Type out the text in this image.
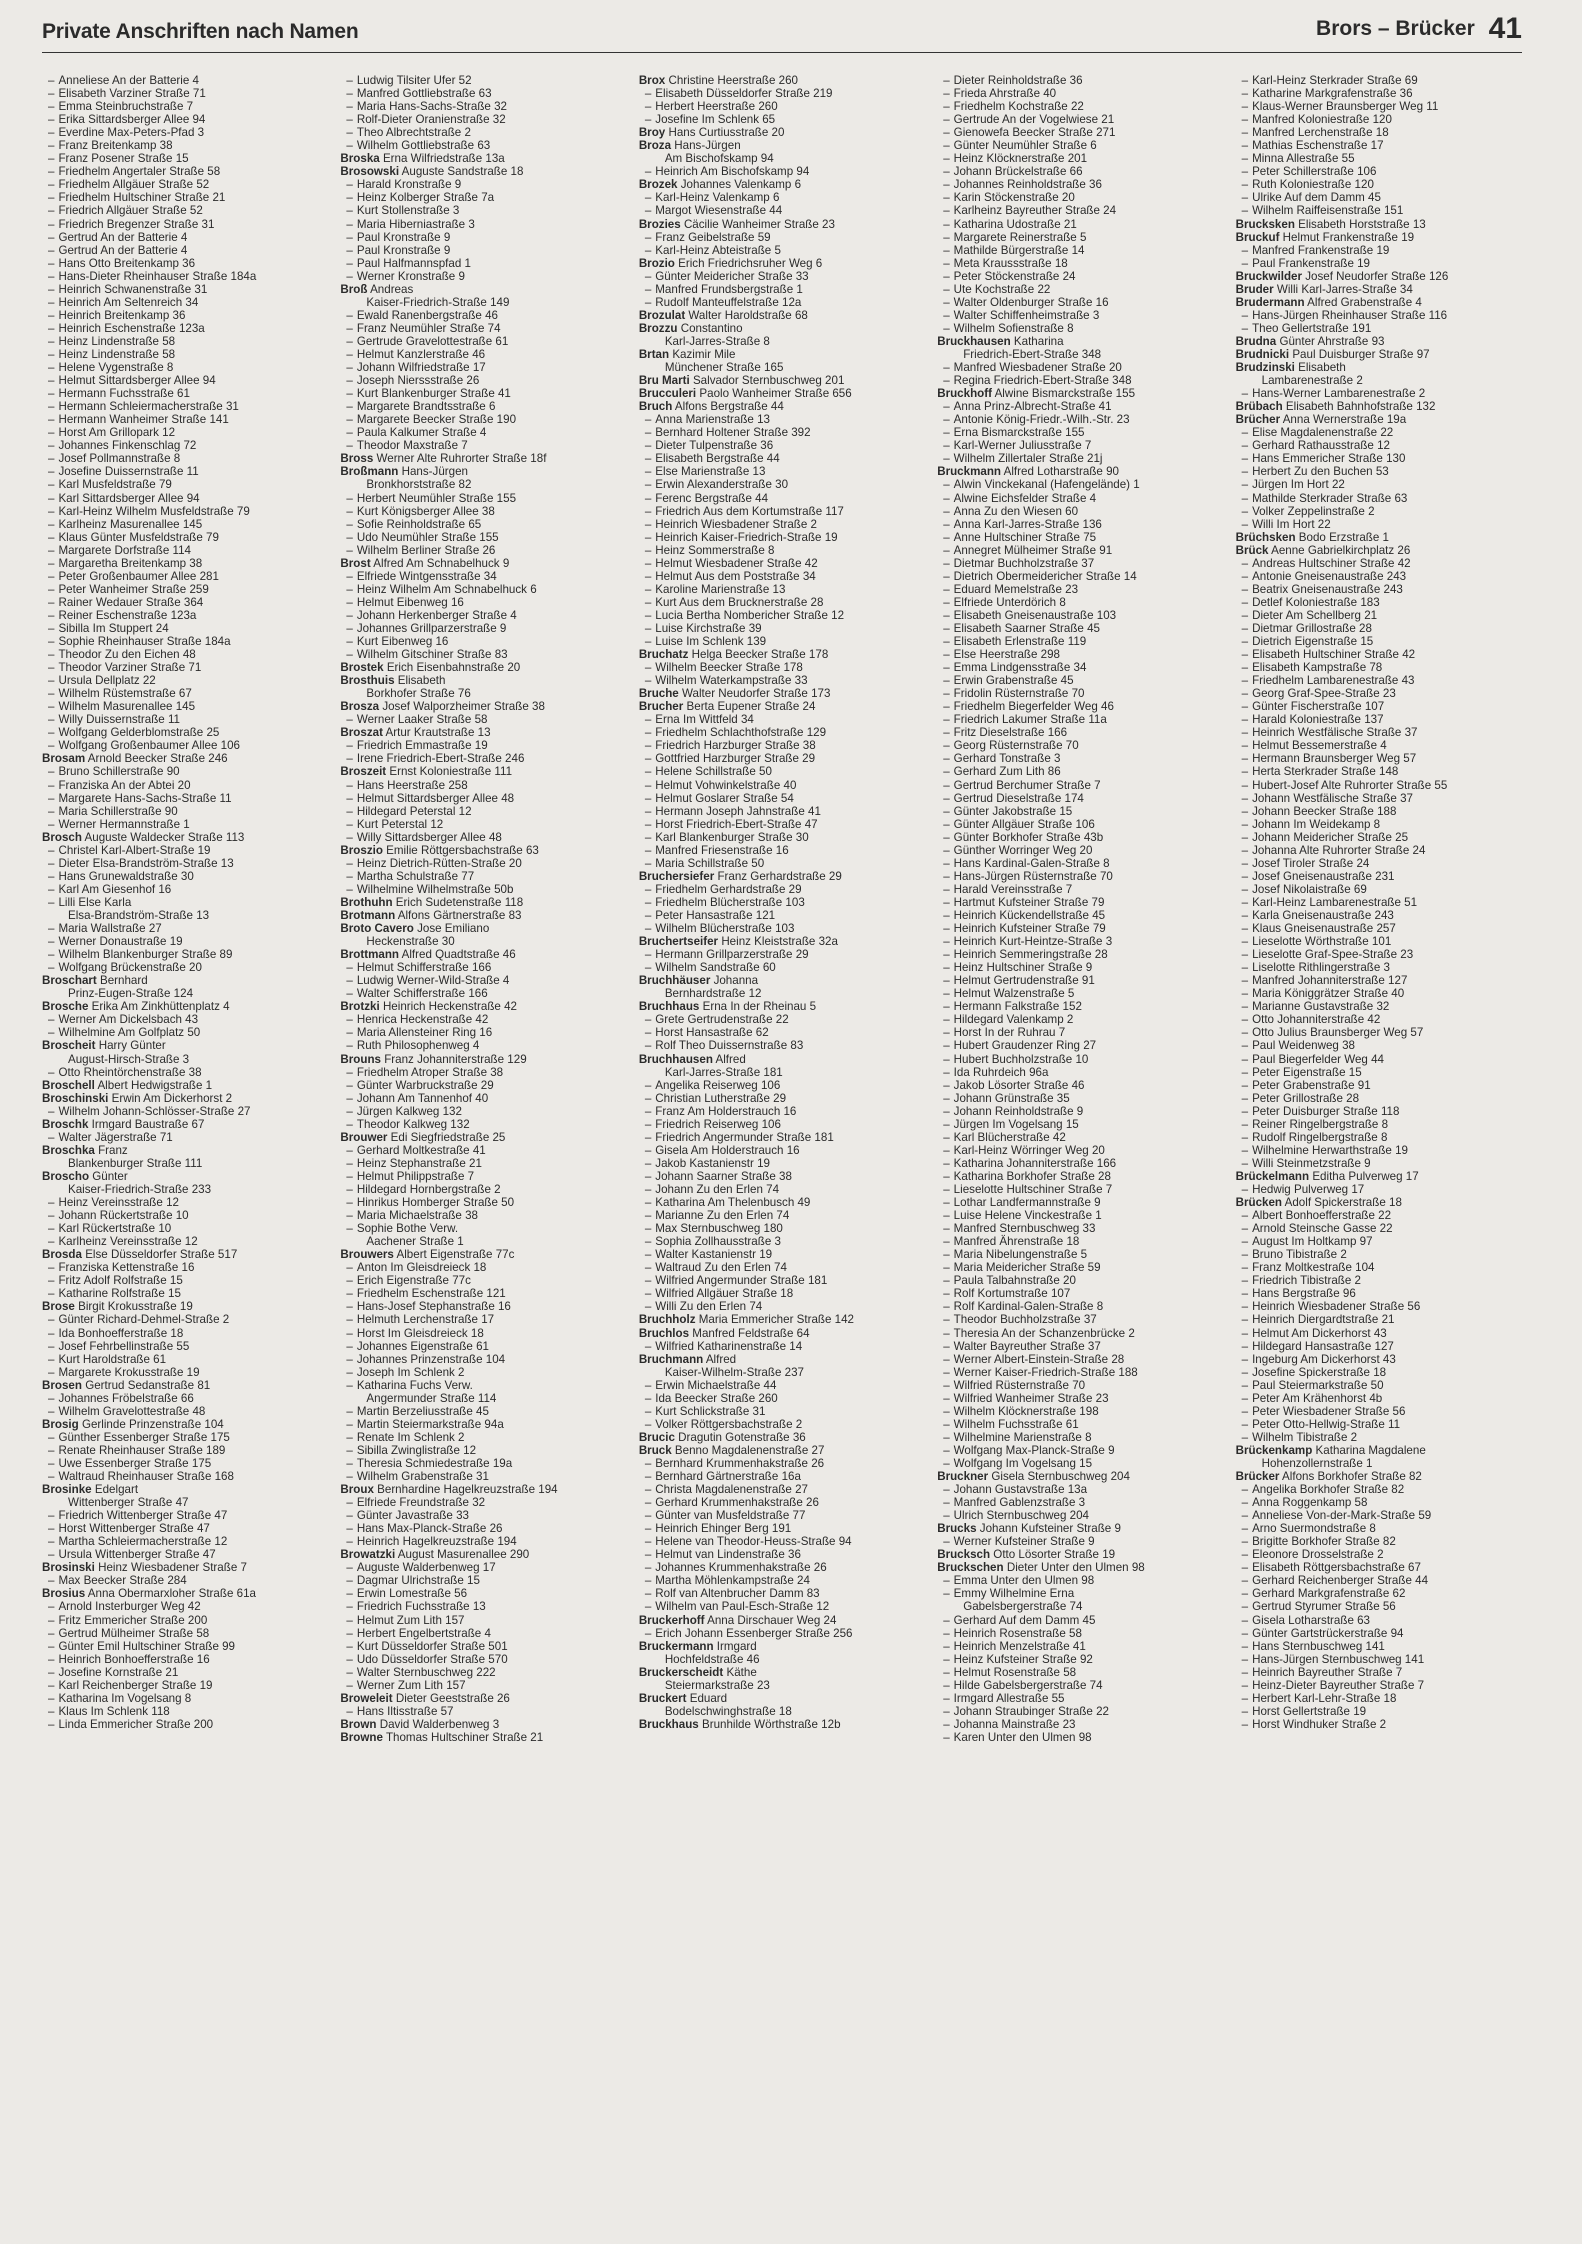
Private Anschriften nach Namen	Brors – Brücker 41
– Anneliese An der Batterie 4
– Elisabeth Varziner Straße 71
– Emma Steinbruchstraße 7
– Erika Sittardsberger Allee 94
– Everdine Max-Peters-Pfad 3
– Franz Breitenkamp 38
– Franz Posener Straße 15
– Friedhelm Angertaler Straße 58
– Friedhelm Allgäuer Straße 52
– Friedhelm Hultschiner Straße 21
– Friedrich Allgäuer Straße 52
– Friedrich Bregenzer Straße 31
– Gertrud An der Batterie 4
– Gertrud An der Batterie 4
– Hans Otto Breitenkamp 36
– Hans-Dieter Rheinhauser Straße 184a
– Heinrich Schwanenstraße 31
– Heinrich Am Seltenreich 34
– Heinrich Breitenkamp 36
– Heinrich Eschenstraße 123a
– Heinz Lindenstraße 58
– Heinz Lindenstraße 58
– Helene Vygenstraße 8
– Helmut Sittardsberger Allee 94
– Hermann Fuchsstraße 61
– Hermann Schleiermacherstraße 31
– Hermann Wanheimer Straße 141
– Horst Am Grillopark 12
– Johannes Finkenschlag 72
– Josef Pollmannstraße 8
– Josefine Duissernstraße 11
– Karl Musfeldstraße 79
– Karl Sittardsberger Allee 94
– Karl-Heinz Wilhelm Musfeldstraße 79
– Karlheinz Masurenallee 145
– Klaus Günter Musfeldstraße 79
– Margarete Dorfstraße 114
– Margaretha Breitenkamp 38
– Peter Großenbaumer Allee 281
– Peter Wanheimer Straße 259
– Rainer Wedauer Straße 364
– Reiner Eschenstraße 123a
– Sibilla Im Stuppert 24
– Sophie Rheinhauser Straße 184a
– Theodor Zu den Eichen 48
– Theodor Varziner Straße 71
– Ursula Dellplatz 22
– Wilhelm Rüstemstraße 67
– Wilhelm Masurenallee 145
– Willy Duissernstraße 11
– Wolfgang Gelderblomstraße 25
– Wolfgang Großenbaumer Allee 106
Brosam Arnold Beecker Straße 246
– Bruno Schillerstraße 90
– Franziska An der Abtei 20
– Margarete Hans-Sachs-Straße 11
– Maria Schillerstraße 90
– Werner Hermannstraße 1
Brosch Auguste Waldecker Straße 113
– Christel Karl-Albert-Straße 19
– Dieter Elsa-Brandström-Straße 13
– Hans Grunewaldstraße 30
– Karl Am Giesenhof 16
– Lilli Else Karla
Elsa-Brandström-Straße 13
– Maria Wallstraße 27
– Werner Donaustraße 19
– Wilhelm Blankenburger Straße 89
– Wolfgang Brückenstraße 20
Broschart Bernhard
Prinz-Eugen-Straße 124
Brosche Erika Am Zinkhüttenplatz 4
– Werner Am Dickelsbach 43
– Wilhelmine Am Golfplatz 50
Broscheit Harry Günter
August-Hirsch-Straße 3
– Otto Rheintörchenstraße 38
Broschell Albert Hedwigstraße 1
Broschinski Erwin Am Dickerhorst 2
– Wilhelm Johann-Schlösser-Straße 27
Broschk Irmgard Baustraße 67
– Walter Jägerstraße 71
Broschka Franz
Blankenburger Straße 111
Broscho Günter
Kaiser-Friedrich-Straße 233
– Heinz Vereinsstraße 12
– Johann Rückertstraße 10
– Karl Rückertstraße 10
– Karlheinz Vereinsstraße 12
Brosda Else Düsseldorfer Straße 517
– Franziska Kettenstraße 16
– Fritz Adolf Rolfstraße 15
– Katharine Rolfstraße 15
Brose Birgit Krokusstraße 19
– Günter Richard-Dehmel-Straße 2
– Ida Bonhoefferstraße 18
– Josef Fehrbellinstraße 55
– Kurt Haroldstraße 61
– Margarete Krokusstraße 19
Brosen Gertrud Sedanstraße 81
– Johannes Fröbelstraße 66
– Wilhelm Gravelottestraße 48
Brosig Gerlinde Prinzenstraße 104
– Günther Essenberger Straße 175
– Renate Rheinhauser Straße 189
– Uwe Essenberger Straße 175
– Waltraud Rheinhauser Straße 168
Brosinke Edelgart
Wittenberger Straße 47
– Friedrich Wittenberger Straße 47
– Horst Wittenberger Straße 47
– Martha Schleiermacherstraße 12
– Ursula Wittenberger Straße 47
Brosinski Heinz Wiesbadener Straße 7
– Max Beecker Straße 284
Brosius Anna Obermarxloher Straße 61a
– Arnold Insterburger Weg 42
– Fritz Emmericher Straße 200
– Gertrud Mülheimer Straße 58
– Günter Emil Hultschiner Straße 99
– Heinrich Bonhoefferstraße 16
– Josefine Kornstraße 21
– Karl Reichenberger Straße 19
– Katharina Im Vogelsang 8
– Klaus Im Schlenk 118
– Linda Emmericher Straße 200
– Ludwig Tilsiter Ufer 52
– Manfred Gottliebstraße 63
– Maria Hans-Sachs-Straße 32
– Rolf-Dieter Oranienstraße 32
– Theo Albrechtstraße 2
– Wilhelm Gottliebstraße 63
Broska Erna Wilfriedstraße 13a
Brosowski Auguste Sandstraße 18
– Harald Kronstraße 9
– Heinz Kolberger Straße 7a
– Kurt Stollenstraße 3
– Maria Hiberniastraße 3
– Paul Kronstraße 9
– Paul Kronstraße 9
– Paul Halfmannspfad 1
– Werner Kronstraße 9
Broß Andreas
Kaiser-Friedrich-Straße 149
– Ewald Ranenbergstraße 46
– Franz Neumühler Straße 74
– Gertrude Gravelottestraße 61
– Helmut Kanzlerstraße 46
– Johann Wilfriedstraße 17
– Joseph Nierssstraße 26
– Kurt Blankenburger Straße 41
– Margarete Brandtsstraße 6
– Margarete Beecker Straße 190
– Paula Kalkumer Straße 4
– Theodor Maxstraße 7
Bross Werner Alte Ruhrorter Straße 18f
Broßmann Hans-Jürgen
Bronkhorststraße 82
– Herbert Neumühler Straße 155
– Kurt Königsberger Allee 38
– Sofie Reinholdstraße 65
– Udo Neumühler Straße 155
– Wilhelm Berliner Straße 26
Brost Alfred Am Schnabelhuck 9
– Elfriede Wintgensstraße 34
– Heinz Wilhelm Am Schnabelhuck 6
– Helmut Eibenweg 16
– Johann Herkenberger Straße 4
– Johannes Grillparzerstraße 9
– Kurt Eibenweg 16
– Wilhelm Gitschiner Straße 83
Brostek Erich Eisenbahnstraße 20
Brosthuis Elisabeth
Borkhofer Straße 76
Brosza Josef Walporzheimer Straße 38
– Werner Laaker Straße 58
Broszat Artur Krautstraße 13
– Friedrich Emmastraße 19
– Irene Friedrich-Ebert-Straße 246
Broszeit Ernst Koloniestraße 111
– Hans Heerstraße 258
– Helmut Sittardsberger Allee 48
– Hildegard Peterstal 12
– Kurt Peterstal 12
– Willy Sittardsberger Allee 48
Broszio Emilie Röttgersbachstraße 63
– Heinz Dietrich-Rütten-Straße 20
– Martha Schulstraße 77
– Wilhelmine Wilhelmstraße 50b
Brothuhn Erich Sudetenstraße 118
Brotmann Alfons Gärtnerstraße 83
Broto Cavero Jose Emiliano
Heckenstraße 30
Brottmann Alfred Quadtstraße 46
– Helmut Schifferstraße 166
– Ludwig Werner-Wild-Straße 4
– Walter Schifferstraße 166
Brotzki Heinrich Heckenstraße 42
– Henrica Heckenstraße 42
– Maria Allensteiner Ring 16
– Ruth Philosophenweg 4
Brouns Franz Johanniterstraße 129
– Friedhelm Atroper Straße 38
– Günter Warbruckstraße 29
– Johann Am Tannenhof 40
– Jürgen Kalkweg 132
– Theodor Kalkweg 132
Brouwer Edi Siegfriedstraße 25
– Gerhard Moltkestraße 41
– Heinz Stephanstraße 21
– Helmut Philippstraße 7
– Hildegard Hornbergstraße 2
– Hinrikus Homberger Straße 50
– Maria Michaelstraße 38
– Sophie Bothe Verw.
Aachener Straße 1
Brouwers Albert Eigenstraße 77c
– Anton Im Gleisdreieck 18
– Erich Eigenstraße 77c
– Friedhelm Eschenstraße 121
– Hans-Josef Stephanstraße 16
– Helmuth Lerchenstraße 17
– Horst Im Gleisdreieck 18
– Johannes Eigenstraße 61
– Johannes Prinzenstraße 104
– Joseph Im Schlenk 2
– Katharina Fuchs Verw.
Angermunder Straße 114
– Martin Berzeliusstraße 45
– Martin Steiermarkstraße 94a
– Renate Im Schlenk 2
– Sibilla Zwinglistraße 12
– Theresia Schmiedestraße 19a
– Wilhelm Grabenstraße 31
Broux Bernhardine Hagelkreuzstraße 194
– Elfriede Freundstraße 32
– Günter Javastraße 33
– Hans Max-Planck-Straße 26
– Heinrich Hagelkreuzstraße 194
Browatzki August Masurenallee 290
– Auguste Walderbenweg 17
– Dagmar Ulrichstraße 15
– Erwin Lomestraße 56
– Friedrich Fuchsstraße 13
– Helmut Zum Lith 157
– Herbert Engelbertstraße 4
– Kurt Düsseldorfer Straße 501
– Udo Düsseldorfer Straße 570
– Walter Sternbuschweg 222
– Werner Zum Lith 157
Broweleit Dieter Geeststraße 26
– Hans Iltisstraße 57
Brown David Walderbenweg 3
Browne Thomas Hultschiner Straße 21
Brox Christine Heerstraße 260
– Elisabeth Düsseldorfer Straße 219
– Herbert Heerstraße 260
– Josefine Im Schlenk 65
Broy Hans Curtiusstraße 20
Broza Hans-Jürgen
Am Bischofskamp 94
– Heinrich Am Bischofskamp 94
Brozek Johannes Valenkamp 6
– Karl-Heinz Valenkamp 6
– Margot Wiesenstraße 44
Brozies Cäcilie Wanheimer Straße 23
– Franz Geibelstraße 59
– Karl-Heinz Abteistraße 5
Brozio Erich Friedrichsruher Weg 6
– Günter Meidericher Straße 33
– Manfred Frundsbergstraße 1
– Rudolf Manteuffelstraße 12a
Brozulat Walter Haroldstraße 68
Brozzu Constantino
Karl-Jarres-Straße 8
Brtan Kazimir Mile
Münchener Straße 165
Bru Marti Salvador Sternbuschweg 201
Brucculeri Paolo Wanheimer Straße 656
Bruch Alfons Bergstraße 44
– Anna Marienstraße 13
– Bernhard Holtener Straße 392
– Dieter Tulpenstraße 36
– Elisabeth Bergstraße 44
– Else Marienstraße 13
– Erwin Alexanderstraße 30
– Ferenc Bergstraße 44
– Friedrich Aus dem Kortumstraße 117
– Heinrich Wiesbadener Straße 2
– Heinrich Kaiser-Friedrich-Straße 19
– Heinz Sommerstraße 8
– Helmut Wiesbadener Straße 42
– Helmut Aus dem Poststraße 34
– Karoline Marienstraße 13
– Kurt Aus dem Brucknerstraße 28
– Lucia Bertha Nombericher Straße 12
– Luise Kirchstraße 39
– Luise Im Schlenk 139
Bruchatz Helga Beecker Straße 178
– Wilhelm Beecker Straße 178
– Wilhelm Waterkampstraße 33
Bruche Walter Neudorfer Straße 173
Brucher Berta Eupener Straße 24
– Erna Im Wittfeld 34
– Friedhelm Schlachthofstraße 129
– Friedrich Harzburger Straße 38
– Gottfried Harzburger Straße 29
– Helene Schillstraße 50
– Helmut Vohwinkelstraße 40
– Helmut Goslarer Straße 54
– Hermann Joseph Jahnstraße 41
– Horst Friedrich-Ebert-Straße 47
– Karl Blankenburger Straße 30
– Manfred Friesenstraße 16
– Maria Schillstraße 50
Bruchersiefer Franz Gerhardstraße 29
– Friedhelm Gerhardstraße 29
– Friedhelm Blücherstraße 103
– Peter Hansastraße 121
– Wilhelm Blücherstraße 103
Bruchertseifer Heinz Kleiststraße 32a
– Hermann Grillparzerstraße 29
– Wilhelm Sandstraße 60
Bruchhäuser Johanna
Bernhardstraße 12
Bruchhaus Erna In der Rheinau 5
– Grete Gertrudenstraße 22
– Horst Hansastraße 62
– Rolf Theo Duissernstraße 83
Bruchhausen Alfred
Karl-Jarres-Straße 181
– Angelika Reiserweg 106
– Christian Lutherstraße 29
– Franz Am Holderstrauch 16
– Friedrich Reiserweg 106
– Friedrich Angermunder Straße 181
– Gisela Am Holderstrauch 16
– Jakob Kastanienstr 19
– Johann Saarner Straße 38
– Johann Zu den Erlen 74
– Katharina Am Thelenbusch 49
– Marianne Zu den Erlen 74
– Max Sternbuschweg 180
– Sophia Zollhausstraße 3
– Walter Kastanienstr 19
– Waltraud Zu den Erlen 74
– Wilfried Angermunder Straße 181
– Wilfried Allgäuer Straße 18
– Willi Zu den Erlen 74
Bruchholz Maria Emmericher Straße 142
Bruchlos Manfred Feldstraße 64
– Wilfried Katharinenstraße 14
Bruchmann Alfred
Kaiser-Wilhelm-Straße 237
– Erwin Michaelstraße 44
– Ida Beecker Straße 260
– Kurt Schlickstraße 31
– Volker Röttgersbachstraße 2
Brucic Dragutin Gotenstraße 36
Bruck Benno Magdalenenstraße 27
– Bernhard Krummenhakstraße 26
– Bernhard Gärtnerstraße 16a
– Christa Magdalenenstraße 27
– Gerhard Krummenhakstraße 26
– Günter van Musfeldstraße 77
– Heinrich Ehinger Berg 191
– Helene van Theodor-Heuss-Straße 94
– Helmut van Lindenstraße 36
– Johannes Krummenhakstraße 26
– Martha Möhlenkampstraße 24
– Rolf van Altenbrucher Damm 83
– Wilhelm van Paul-Esch-Straße 12
Bruckerhoff Anna Dirschauer Weg 24
– Erich Johann Essenberger Straße 256
Bruckermann Irmgard
Hochfeldstraße 46
Bruckerscheidt Käthe
Steiermarkstraße 23
Bruckert Eduard
Bodelschwinghstraße 18
Bruckhaus Brunhilde Wörthstraße 12b
– Dieter Reinholdstraße 36
– Frieda Ahrstraße 40
– Friedhelm Kochstraße 22
– Gertrude An der Vogelwiese 21
– Gienowefa Beecker Straße 271
– Günter Neumühler Straße 6
– Heinz Klöcknerstraße 201
– Johann Brückelstraße 66
– Johannes Reinholdstraße 36
– Karin Stöckenstraße 20
– Karlheinz Bayreuther Straße 24
– Katharina Udostraße 21
– Margarete Reinerstraße 5
– Mathilde Bürgerstraße 14
– Meta Kraussstraße 18
– Peter Stöckenstraße 24
– Ute Kochstraße 22
– Walter Oldenburger Straße 16
– Walter Schiffenheimstraße 3
– Wilhelm Sofienstraße 8
Bruckhausen Katharina
Friedrich-Ebert-Straße 348
– Manfred Wiesbadener Straße 20
– Regina Friedrich-Ebert-Straße 348
Bruckhoff Alwine Bismarckstraße 155
– Anna Prinz-Albrecht-Straße 41
– Antonie König-Friedr.-Wilh.-Str. 23
– Erna Bismarckstraße 155
– Karl-Werner Juliusstraße 7
– Wilhelm Zillertaler Straße 21j
Bruckmann Alfred Lotharstraße 90
– Alwin Vinckekanal (Hafengelände) 1
– Alwine Eichsfelder Straße 4
– Anna Zu den Wiesen 60
– Anna Karl-Jarres-Straße 136
– Anne Hultschiner Straße 75
– Annegret Mülheimer Straße 91
– Dietmar Buchholzstraße 37
– Dietrich Obermeidericher Straße 14
– Eduard Memelstraße 23
– Elfriede Unterdörich 8
– Elisabeth Gneisenaustraße 103
– Elisabeth Saarner Straße 45
– Elisabeth Erlenstraße 119
– Else Heerstraße 298
– Emma Lindgensstraße 34
– Erwin Grabenstraße 45
– Fridolin Rüsternstraße 70
– Friedhelm Biegerfelder Weg 46
– Friedrich Lakumer Straße 11a
– Fritz Dieselstraße 166
– Georg Rüsternstraße 70
– Gerhard Tonstraße 3
– Gerhard Zum Lith 86
– Gertrud Berchumer Straße 7
– Gertrud Dieselstraße 174
– Günter Jakobstraße 15
– Günter Allgäuer Straße 106
– Günter Borkhofer Straße 43b
– Günther Worringer Weg 20
– Hans Kardinal-Galen-Straße 8
– Hans-Jürgen Rüsternstraße 70
– Harald Vereinsstraße 7
– Hartmut Kufsteiner Straße 79
– Heinrich Kückendellstraße 45
– Heinrich Kufsteiner Straße 79
– Heinrich Kurt-Heintze-Straße 3
– Heinrich Semmeringstraße 28
– Heinz Hultschiner Straße 9
– Helmut Gertrudenstraße 91
– Helmut Walzenstraße 5
– Hermann Falkstraße 152
– Hildegard Valenkamp 2
– Horst In der Ruhrau 7
– Hubert Graudenzer Ring 27
– Hubert Buchholzstraße 10
– Ida Ruhrdeich 96a
– Jakob Lösorter Straße 46
– Johann Grünstraße 35
– Johann Reinholdstraße 9
– Jürgen Im Vogelsang 15
– Karl Blücherstraße 42
– Karl-Heinz Wörringer Weg 20
– Katharina Johanniterstraße 166
– Katharina Borkhofer Straße 28
– Lieselotte Hultschiner Straße 7
– Lothar Landfermannstraße 9
– Luise Helene Vinckestraße 1
– Manfred Sternbuschweg 33
– Manfred Ährenstraße 18
– Maria Nibelungenstraße 5
– Maria Meidericher Straße 59
– Paula Talbahnstraße 20
– Rolf Kortumstraße 107
– Rolf Kardinal-Galen-Straße 8
– Theodor Buchholzstraße 37
– Theresia An der Schanzenbrücke 2
– Walter Bayreuther Straße 37
– Werner Albert-Einstein-Straße 28
– Werner Kaiser-Friedrich-Straße 188
– Wilfried Rüsternstraße 70
– Wilfried Wanheimer Straße 23
– Wilhelm Klöcknerstraße 198
– Wilhelm Fuchsstraße 61
– Wilhelmine Marienstraße 8
– Wolfgang Max-Planck-Straße 9
– Wolfgang Im Vogelsang 15
Bruckner Gisela Sternbuschweg 204
– Johann Gustavstraße 13a
– Manfred Gablenzstraße 3
– Ulrich Sternbuschweg 204
Brucks Johann Kufsteiner Straße 9
– Werner Kufsteiner Straße 9
Brucksch Otto Lösorter Straße 19
Bruckschen Dieter Unter den Ulmen 98
– Emma Unter den Ulmen 98
– Emmy Wilhelmine Erna
Gabelsbergerstraße 74
– Gerhard Auf dem Damm 45
– Heinrich Rosenstraße 58
– Heinrich Menzelstraße 41
– Heinz Kufsteiner Straße 92
– Helmut Rosenstraße 58
– Hilde Gabelsbergerstraße 74
– Irmgard Allestraße 55
– Johann Straubinger Straße 22
– Johanna Mainstraße 23
– Karen Unter den Ulmen 98
– Karl-Heinz Sterkrader Straße 69
– Katharine Markgrafenstraße 36
– Klaus-Werner Braunsberger Weg 11
– Manfred Koloniestraße 120
– Manfred Lerchenstraße 18
– Mathias Eschenstraße 17
– Minna Allestraße 55
– Peter Schillerstraße 106
– Ruth Koloniestraße 120
– Ulrike Auf dem Damm 45
– Wilhelm Raiffeisenstraße 151
Brucksken Elisabeth Horststraße 13
Bruckuf Helmut Frankenstraße 19
– Manfred Frankenstraße 19
– Paul Frankenstraße 19
Bruckwilder Josef Neudorfer Straße 126
Bruder Willi Karl-Jarres-Straße 34
Brudermann Alfred Grabenstraße 4
– Hans-Jürgen Rheinhauser Straße 116
– Theo Gellertstraße 191
Brudna Günter Ahrstraße 93
Brudnicki Paul Duisburger Straße 97
Brudzinski Elisabeth
Lambarenestraße 2
– Hans-Werner Lambarenestraße 2
Brübach Elisabeth Bahnhofstraße 132
Brücher Anna Wernerstraße 19a
– Elise Magdalenenstraße 22
– Gerhard Rathausstraße 12
– Hans Emmericher Straße 130
– Herbert Zu den Buchen 53
– Jürgen Im Hort 22
– Mathilde Sterkrader Straße 63
– Volker Zeppelinstraße 2
– Willi Im Hort 22
Brüchsken Bodo Erzstraße 1
Brück Aenne Gabrielkirchplatz 26
– Andreas Hultschiner Straße 42
– Antonie Gneisenaustraße 243
– Beatrix Gneisenaustraße 243
– Detlef Koloniestraße 183
– Dieter Am Schellberg 21
– Dietmar Grillostraße 28
– Dietrich Eigenstraße 15
– Elisabeth Hultschiner Straße 42
– Elisabeth Kampstraße 78
– Friedhelm Lambarenestraße 43
– Georg Graf-Spee-Straße 23
– Günter Fischerstraße 107
– Harald Koloniestraße 137
– Heinrich Westfälische Straße 37
– Helmut Bessemerstraße 4
– Hermann Braunsberger Weg 57
– Herta Sterkrader Straße 148
– Hubert-Josef Alte Ruhrorter Straße 55
– Johann Westfälische Straße 37
– Johann Beecker Straße 188
– Johann Im Weidekamp 8
– Johann Meidericher Straße 25
– Johanna Alte Ruhrorter Straße 24
– Josef Tiroler Straße 24
– Josef Gneisenaustraße 231
– Josef Nikolaistraße 69
– Karl-Heinz Lambarenestraße 51
– Karla Gneisenaustraße 243
– Klaus Gneisenaustraße 257
– Lieselotte Wörthstraße 101
– Lieselotte Graf-Spee-Straße 23
– Liselotte Rithlingerstraße 3
– Manfred Johanniterstraße 127
– Maria Königgrätzer Straße 40
– Marianne Gustavstraße 32
– Otto Johanniterstraße 42
– Otto Julius Braunsberger Weg 57
– Paul Weidenweg 38
– Paul Biegerfelder Weg 44
– Peter Eigenstraße 15
– Peter Grabenstraße 91
– Peter Grillostraße 28
– Peter Duisburger Straße 118
– Reiner Ringelbergstraße 8
– Rudolf Ringelbergstraße 8
– Wilhelmine Herwarthstraße 19
– Willi Steinmetzstraße 9
Brückelmann Editha Pulverweg 17
– Hedwig Pulverweg 17
Brücken Adolf Spickerstraße 18
– Albert Bonhoefferstraße 22
– Arnold Steinsche Gasse 22
– August Im Holtkamp 97
– Bruno Tibistraße 2
– Franz Moltkestraße 104
– Friedrich Tibistraße 2
– Hans Bergstraße 96
– Heinrich Wiesbadener Straße 56
– Heinrich Diergardtstraße 21
– Helmut Am Dickerhorst 43
– Hildegard Hansastraße 127
– Ingeburg Am Dickerhorst 43
– Josefine Spickerstraße 18
– Paul Steiermarkstraße 50
– Peter Am Krähenhorst 4b
– Peter Wiesbadener Straße 56
– Peter Otto-Hellwig-Straße 11
– Wilhelm Tibistraße 2
Brückenkamp Katharina Magdalene
Hohenzollernstraße 1
Brücker Alfons Borkhofer Straße 82
– Angelika Borkhofer Straße 82
– Anna Roggenkamp 58
– Anneliese Von-der-Mark-Straße 59
– Arno Suermondstraße 8
– Brigitte Borkhofer Straße 82
– Eleonore Drosselstraße 2
– Elisabeth Röttgersbachstraße 67
– Gerhard Reichenberger Straße 44
– Gerhard Markgrafenstraße 62
– Gertrud Styrumer Straße 56
– Gisela Lotharstraße 63
– Günter Gartstrückerstraße 94
– Hans Sternbuschweg 141
– Hans-Jürgen Sternbuschweg 141
– Heinrich Bayreuther Straße 7
– Heinz-Dieter Bayreuther Straße 7
– Herbert Karl-Lehr-Straße 18
– Horst Gellertstraße 19
– Horst Windhuker Straße 2
